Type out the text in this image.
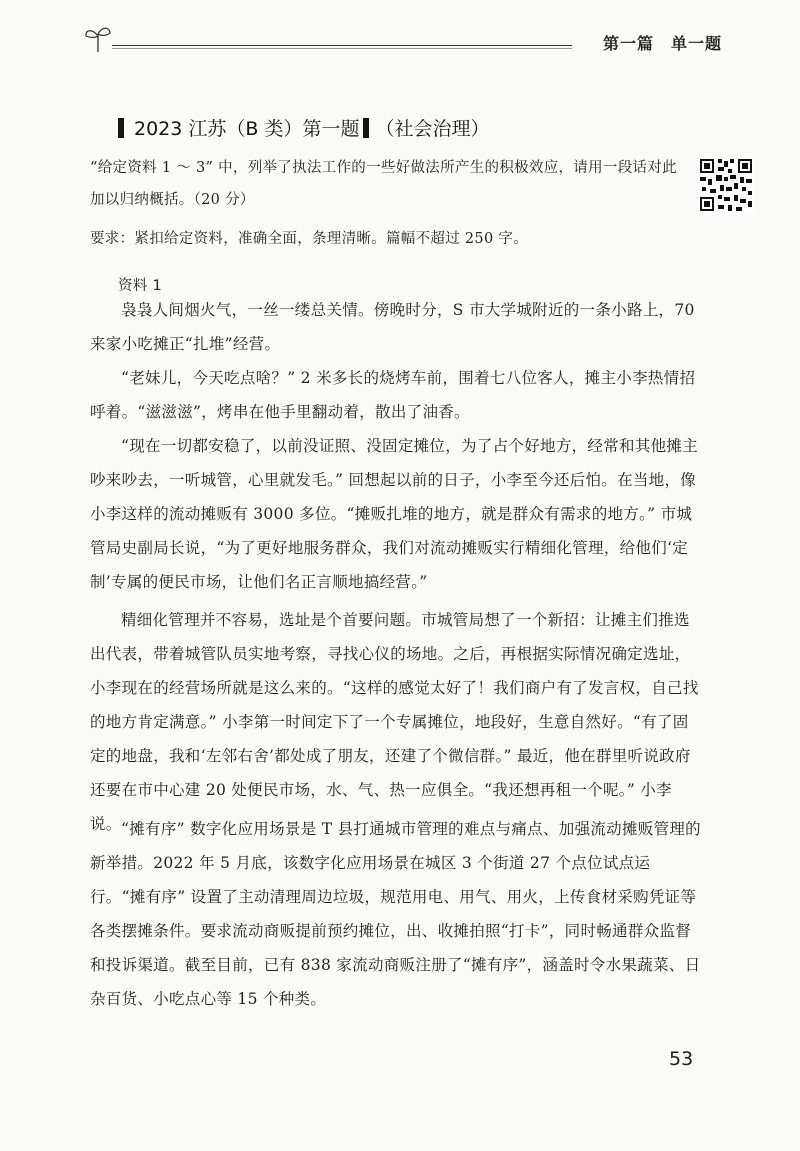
第一篇　单一题
2023 江苏（B 类）第一题 （社会治理）

“给定资料 1 ～ 3” 中，列举了执法工作的一些好做法所产生的积极效应，请用一段话对此加以归纳概括。（20 分）

要求：紧扣给定资料，准确全面，条理清晰。篇幅不超过 250 字。

资料 1

袅袅人间烟火气，一丝一缕总关情。傍晚时分，S 市大学城附近的一条小路上，70 来家小吃摊正“扎堆”经营。

“老妹儿，今天吃点啥？” 2 米多长的烧烤车前，围着七八位客人，摊主小李热情招呼着。“滋滋滋”，烤串在他手里翻动着，散出了油香。

“现在一切都安稳了，以前没证照、没固定摊位，为了占个好地方，经常和其他摊主吵来吵去，一听城管，心里就发毛。” 回想起以前的日子，小李至今还后怕。在当地，像小李这样的流动摊贩有 3000 多位。“摊贩扎堆的地方，就是群众有需求的地方。” 市城管局史副局长说，“为了更好地服务群众，我们对流动摊贩实行精细化管理，给他们‘定制’专属的便民市场，让他们名正言顺地搞经营。”

精细化管理并不容易，选址是个首要问题。市城管局想了一个新招：让摊主们推选出代表，带着城管队员实地考察，寻找心仪的场地。之后，再根据实际情况确定选址，小李现在的经营场所就是这么来的。“这样的感觉太好了！我们商户有了发言权，自己找的地方肯定满意。” 小李第一时间定下了一个专属摊位，地段好，生意自然好。“有了固定的地盘，我和‘左邻右舍’都处成了朋友，还建了个微信群。” 最近，他在群里听说政府还要在市中心建 20 处便民市场，水、气、热一应俱全。“我还想再租一个呢。” 小李说。 “摊有序” 数字化应用场景是 T 县打通城市管理的难点与痛点、加强流动摊贩管理的新举措。2022 年 5 月底，该数字化应用场景在城区 3 个街道 27 个点位试点运行。“摊有序” 设置了主动清理周边垃圾，规范用电、用气、用火，上传食材采购凭证等各类摆摊条件。要求流动商贩提前预约摊位，出、收摊拍照“打卡”，同时畅通群众监督和投诉渠道。截至目前，已有 838 家流动商贩注册了“摊有序”，涵盖时令水果蔬菜、日杂百货、小吃点心等 15 个种类。

53
